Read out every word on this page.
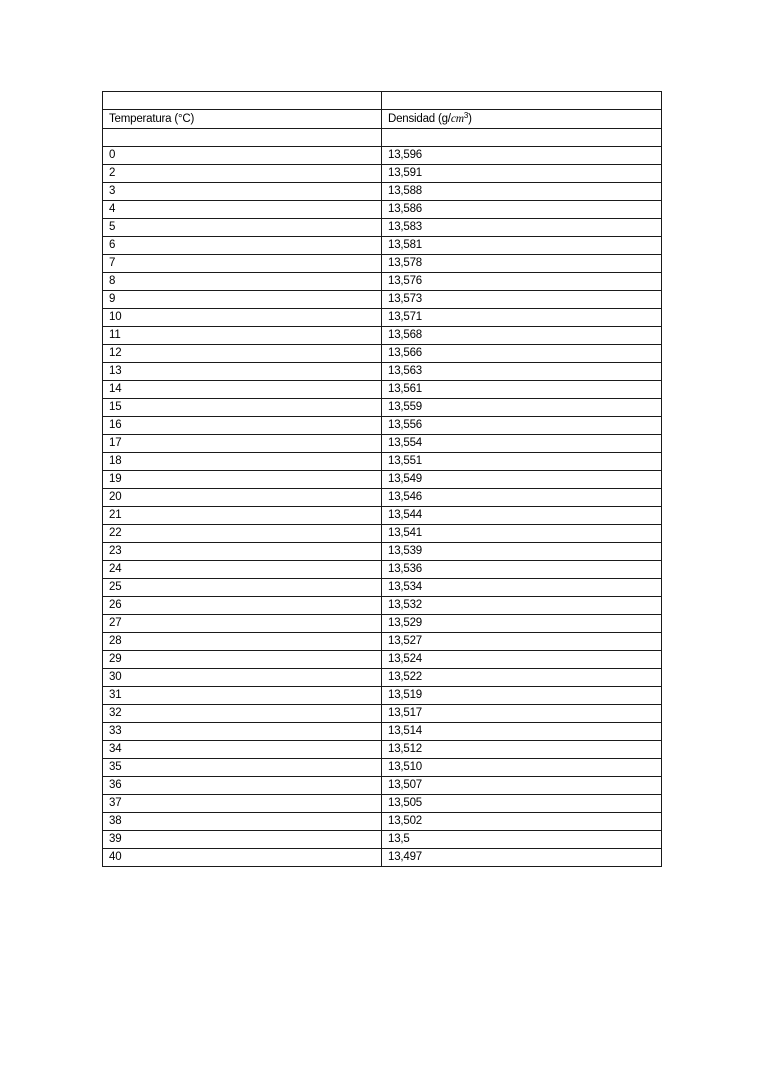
Temperatura (°C)	Densidad $(g/cm^3)$

0	13,596
2	13,591
3	13,588
4	13,586
5	13,583
6	13,581
7	13,578
8	13,576
9	13,573
10	13,571
11	13,568
12	13,566
13	13,563
14	13,561
15	13,559
16	13,556
17	13,554
18	13,551
19	13,549
20	13,546
21	13,544
22	13,541
23	13,539
24	13,536
25	13,534
26	13,532
27	13,529
28	13,527
29	13,524
30	13,522
31	13,519
32	13,517
33	13,514
34	13,512
35	13,510
36	13,507
37	13,505
38	13,502
39	13,5
40	13,497
